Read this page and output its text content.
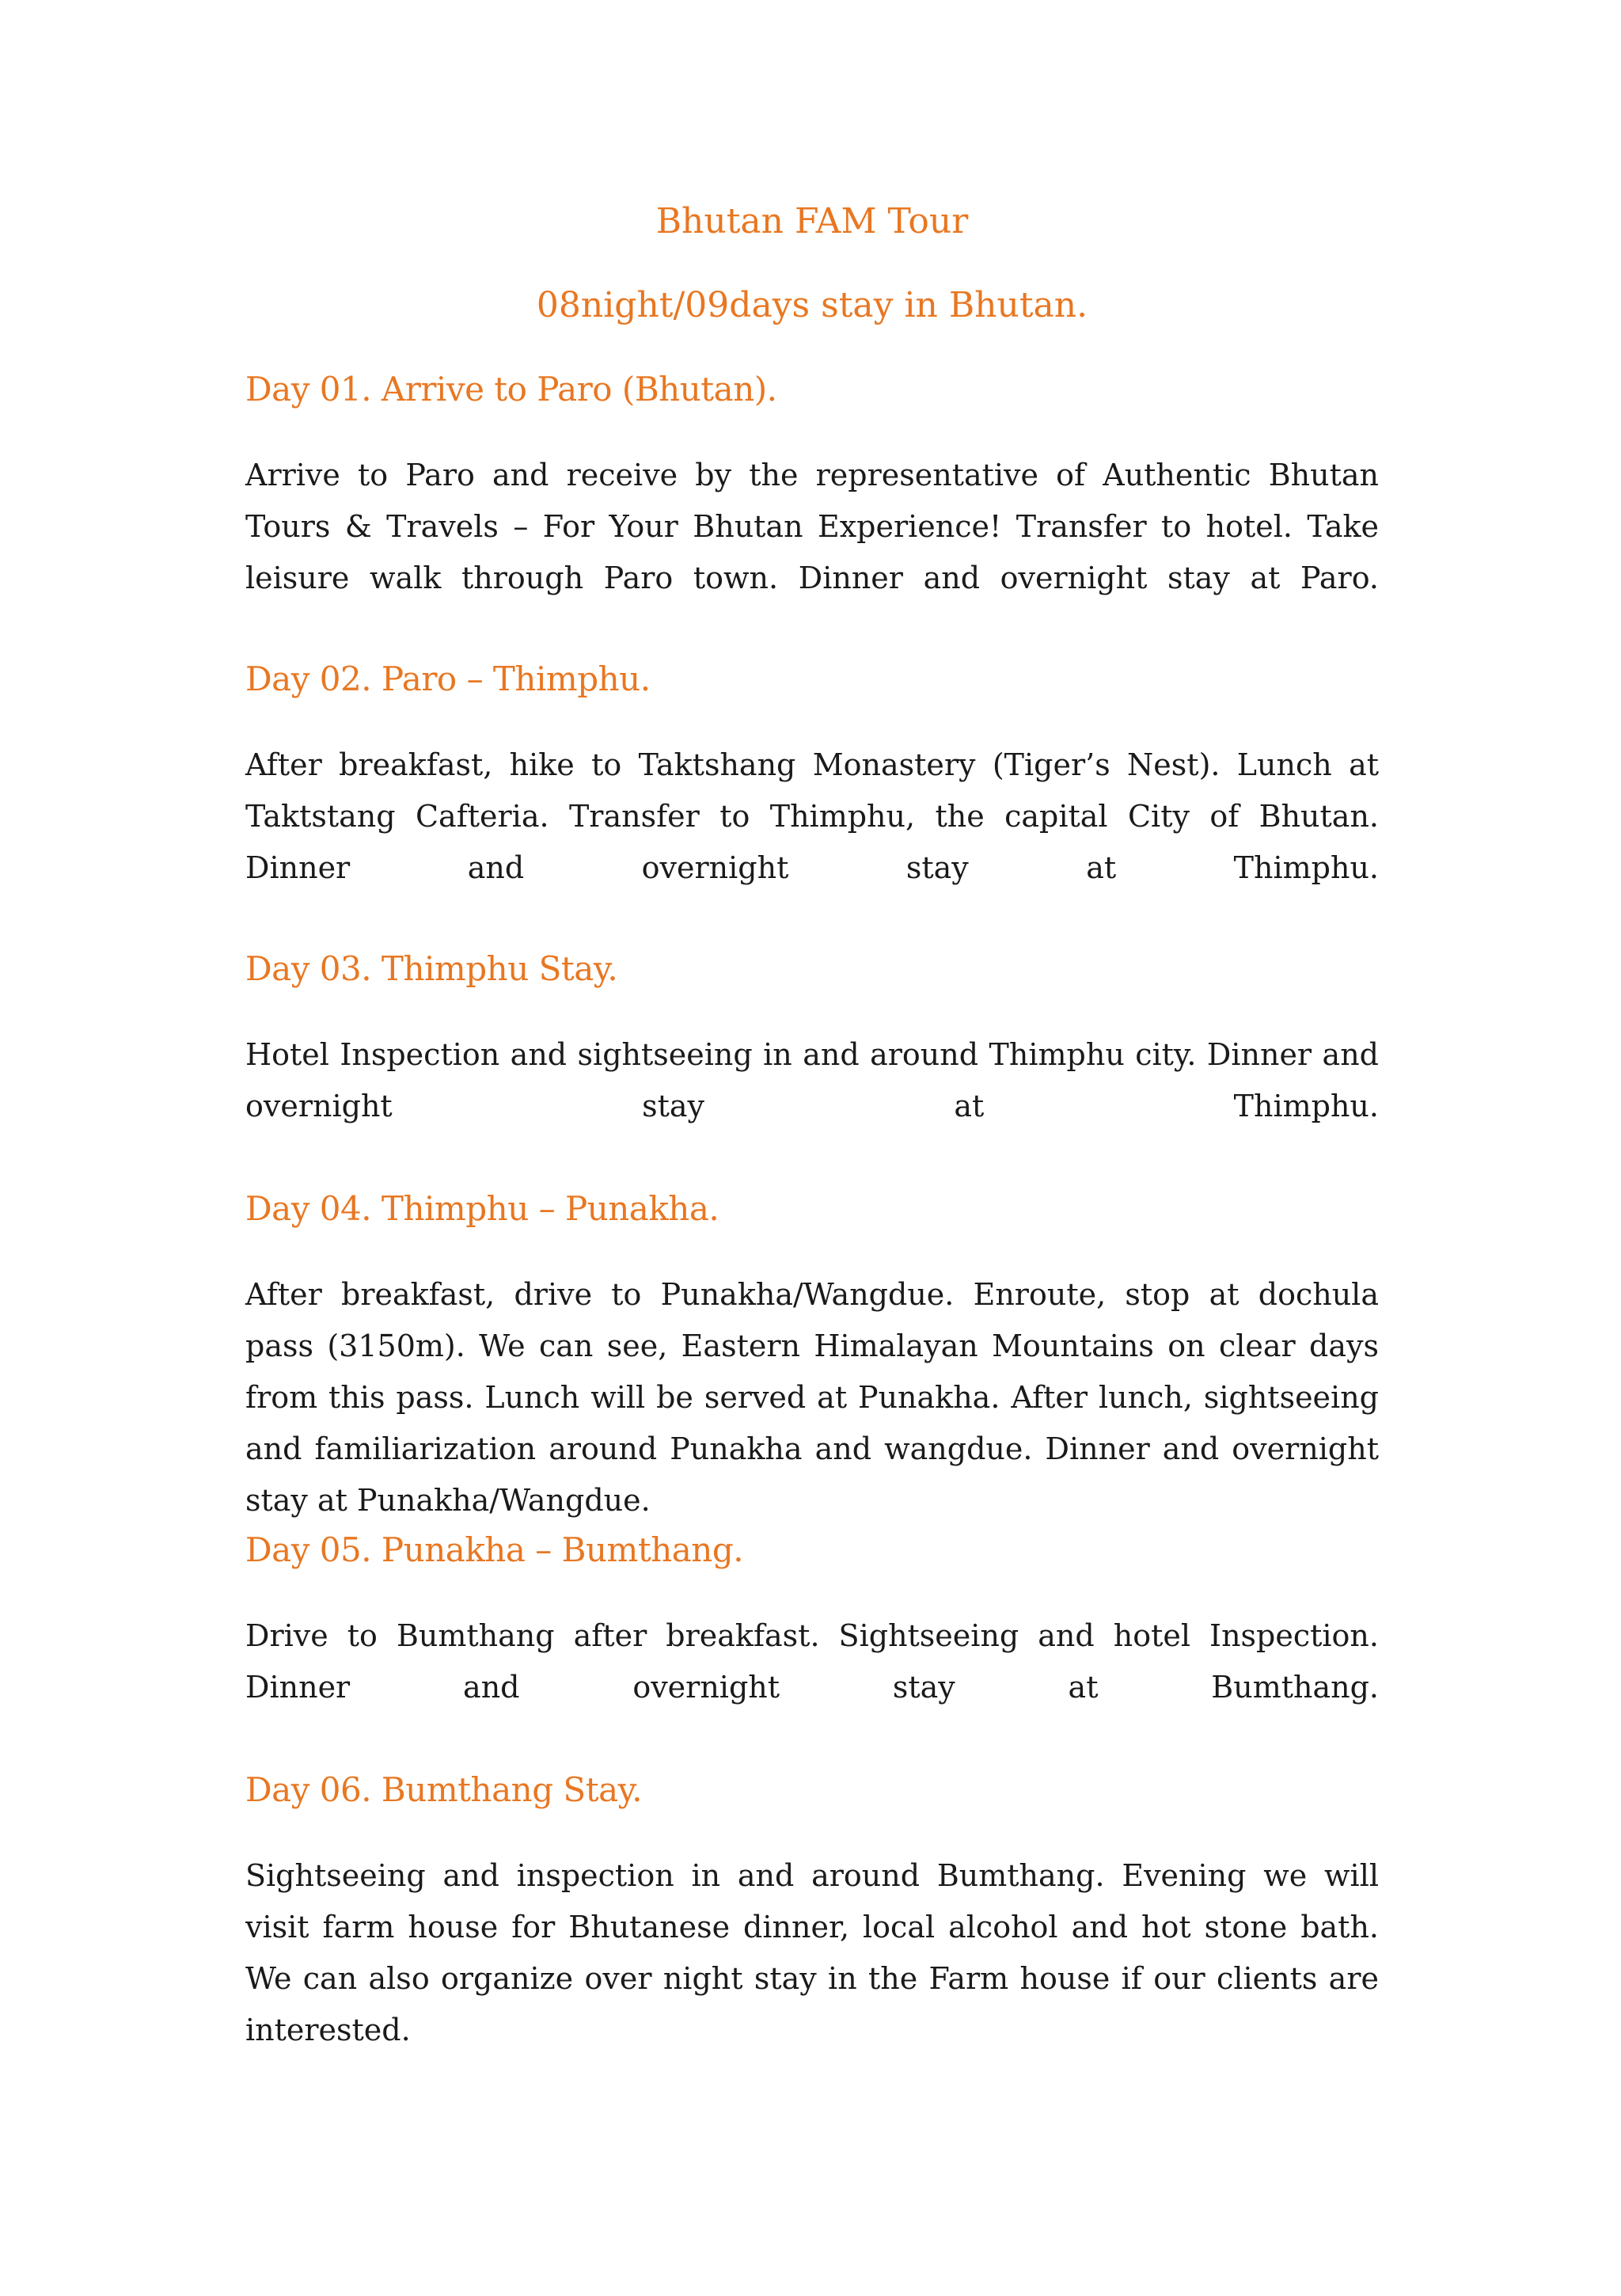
Bhutan FAM Tour
08night/09days stay in Bhutan.
Day 01. Arrive to Paro (Bhutan).

Arrive to Paro and receive by the representative of Authentic Bhutan Tours & Travels – For Your Bhutan Experience! Transfer to hotel. Take leisure walk through Paro town. Dinner and overnight stay at Paro.

Day 02. Paro – Thimphu.

After breakfast, hike to Taktshang Monastery (Tiger’s Nest). Lunch at Taktstang Cafteria. Transfer to Thimphu, the capital City of Bhutan. Dinner and overnight stay at Thimphu.

Day 03. Thimphu Stay.

Hotel Inspection and sightseeing in and around Thimphu city. Dinner and overnight stay at Thimphu.

Day 04. Thimphu – Punakha.

After breakfast, drive to Punakha/Wangdue. Enroute, stop at dochula pass (3150m). We can see, Eastern Himalayan Mountains on clear days from this pass. Lunch will be served at Punakha. After lunch, sightseeing and familiarization around Punakha and wangdue. Dinner and overnight stay at Punakha/Wangdue.

Day 05. Punakha – Bumthang.

Drive to Bumthang after breakfast. Sightseeing and hotel Inspection. Dinner and overnight stay at Bumthang.

Day 06. Bumthang Stay.

Sightseeing and inspection in and around Bumthang. Evening we will visit farm house for Bhutanese dinner, local alcohol and hot stone bath. We can also organize over night stay in the Farm house if our clients are interested.
